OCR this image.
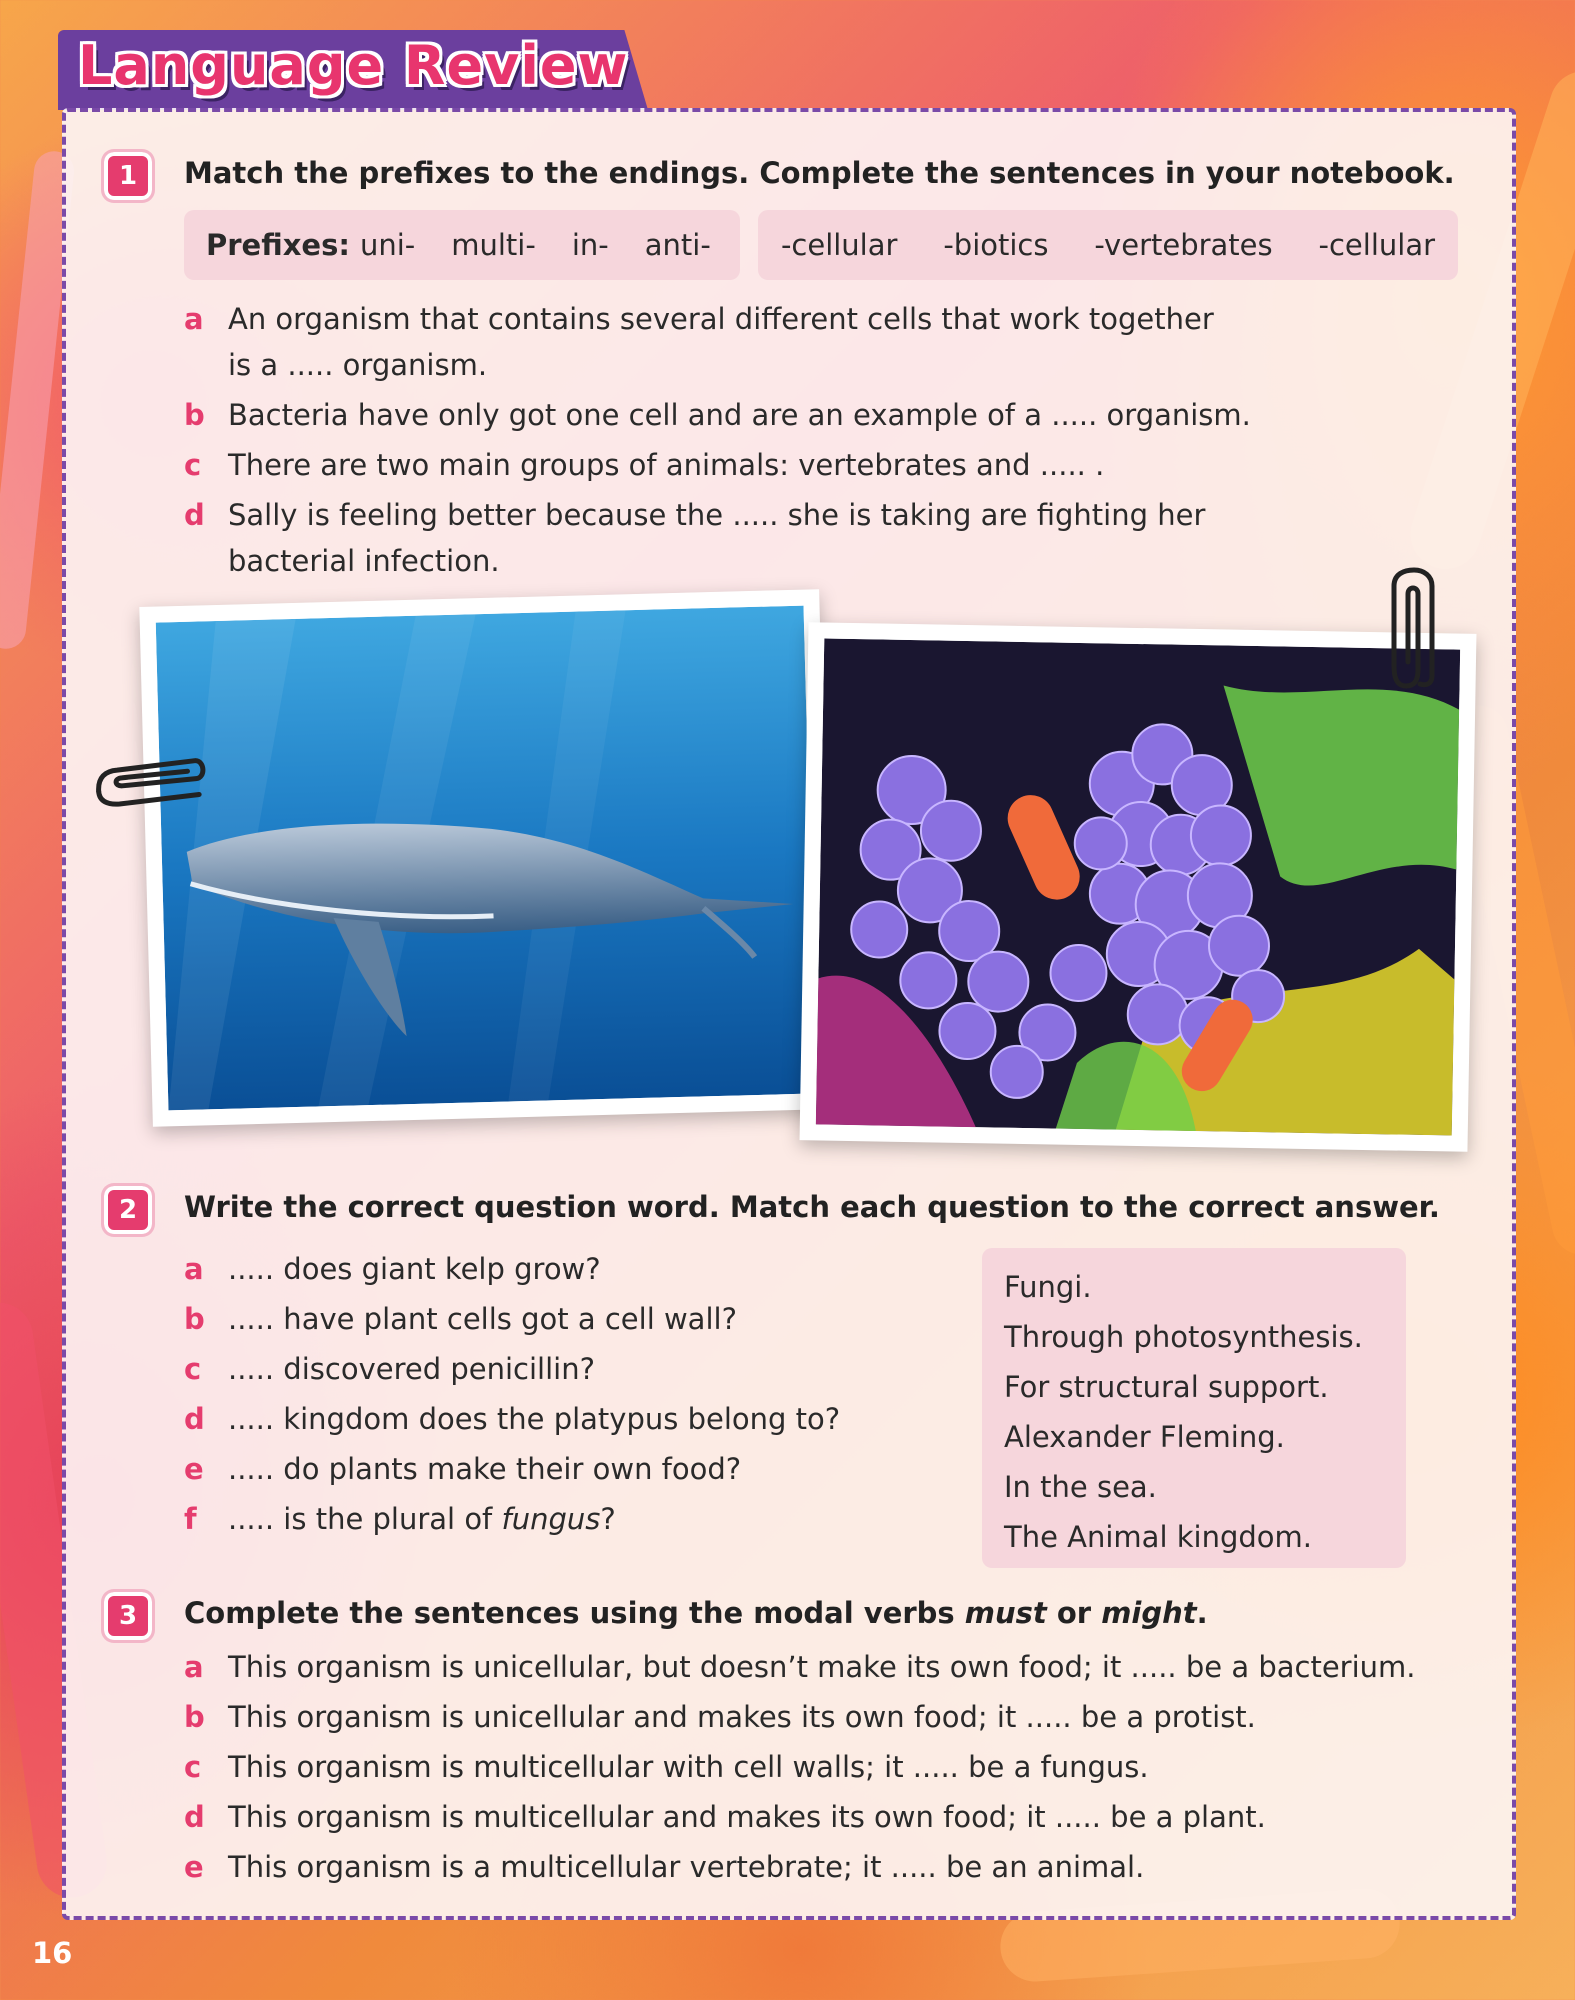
Language Review
1	Match the prefixes to the endings. Complete the sentences in your notebook.
Prefixes: uni- multi- in- anti- -cellular -biotics -vertebrates -cellular
a An organism that contains several different cells that work together
is a ..... organism.
b Bacteria have only got one cell and are an example of a ..... organism.
c There are two main groups of animals: vertebrates and ..... .
d Sally is feeling better because the ..... she is taking are fighting her
bacterial infection.
2	Write the correct question word. Match each question to the correct answer.
a ..... does giant kelp grow?
b ..... have plant cells got a cell wall?
c ..... discovered penicillin?
d ..... kingdom does the platypus belong to?
e ..... do plants make their own food?
f	..... is the plural of fungus?
Fungi.
Through photosynthesis.
For structural support.
Alexander Fleming.
In the sea.
The Animal kingdom.
3	Complete the sentences using the modal verbs must or might.
a This organism is unicellular, but doesn’t make its own food; it ..... be a bacterium.
b This organism is unicellular and makes its own food; it ..... be a protist.
c This organism is multicellular with cell walls; it ..... be a fungus.
d This organism is multicellular and makes its own food; it ..... be a plant.
e This organism is a multicellular vertebrate; it ..... be an animal.
16
